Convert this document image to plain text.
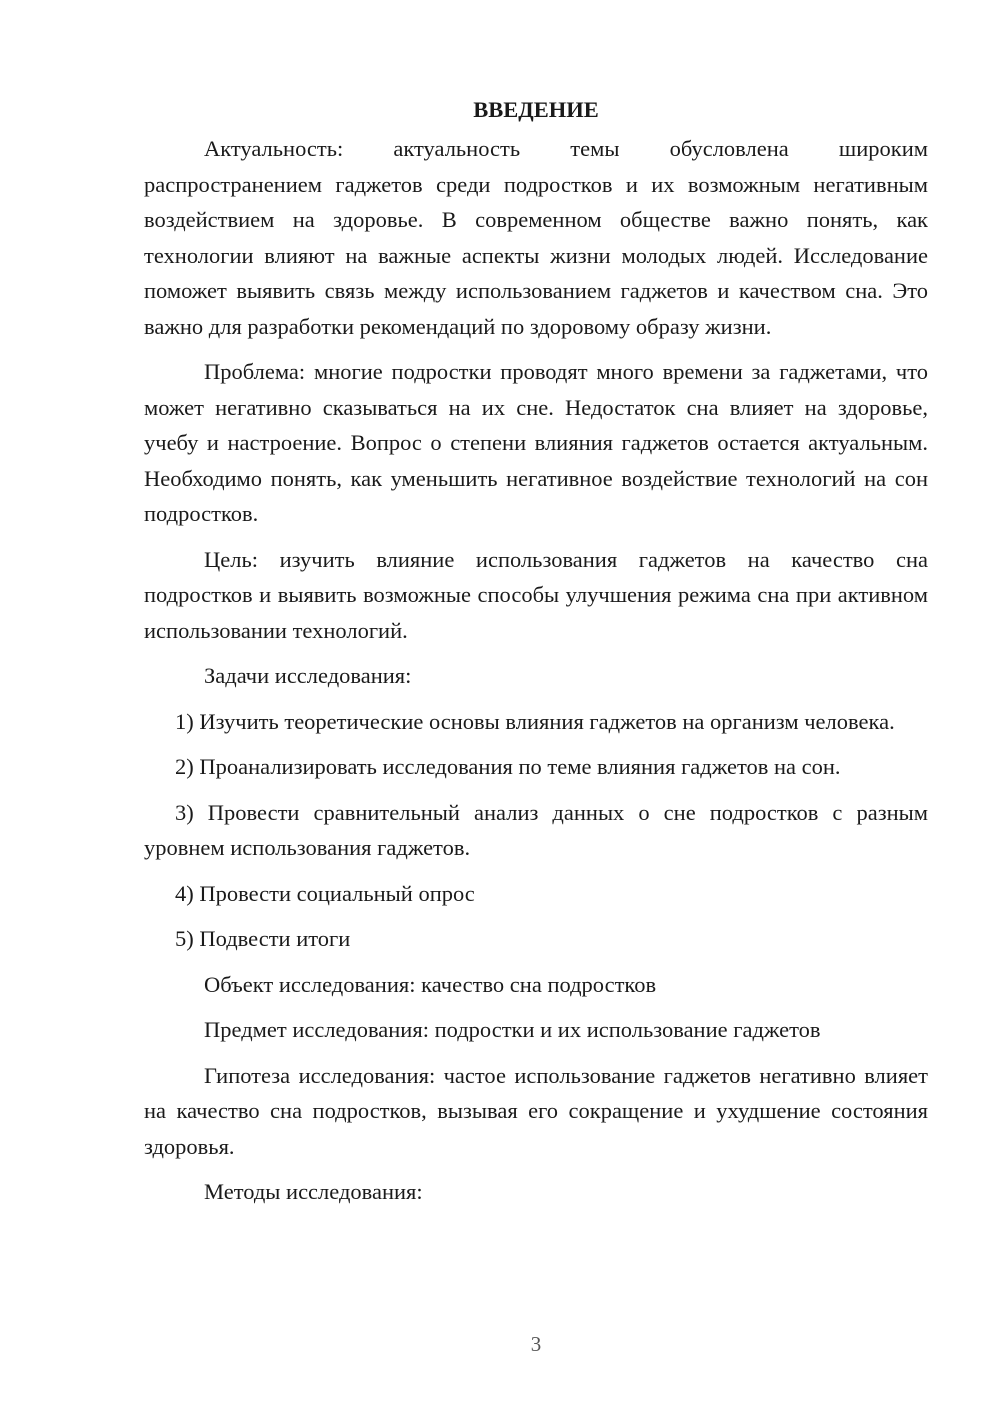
ВВЕДЕНИЕ

Актуальность: актуальность темы обусловлена широким распространением гаджетов среди подростков и их возможным негативным воздействием на здоровье. В современном обществе важно понять, как технологии влияют на важные аспекты жизни молодых людей. Исследование поможет выявить связь между использованием гаджетов и качеством сна. Это важно для разработки рекомендаций по здоровому образу жизни.

Проблема: многие подростки проводят много времени за гаджетами, что может негативно сказываться на их сне. Недостаток сна влияет на здоровье, учебу и настроение. Вопрос о степени влияния гаджетов остается актуальным. Необходимо понять, как уменьшить негативное воздействие технологий на сон подростков.

Цель: изучить влияние использования гаджетов на качество сна подростков и выявить возможные способы улучшения режима сна при активном использовании технологий.

Задачи исследования:

1) Изучить теоретические основы влияния гаджетов на организм человека.

2) Проанализировать исследования по теме влияния гаджетов на сон.

3) Провести сравнительный анализ данных о сне подростков с разным уровнем использования гаджетов.

4) Провести социальный опрос

5) Подвести итоги

Объект исследования: качество сна подростков

Предмет исследования: подростки и их использование гаджетов

Гипотеза исследования: частое использование гаджетов негативно влияет на качество сна подростков, вызывая его сокращение и ухудшение состояния здоровья.

Методы исследования:

3
